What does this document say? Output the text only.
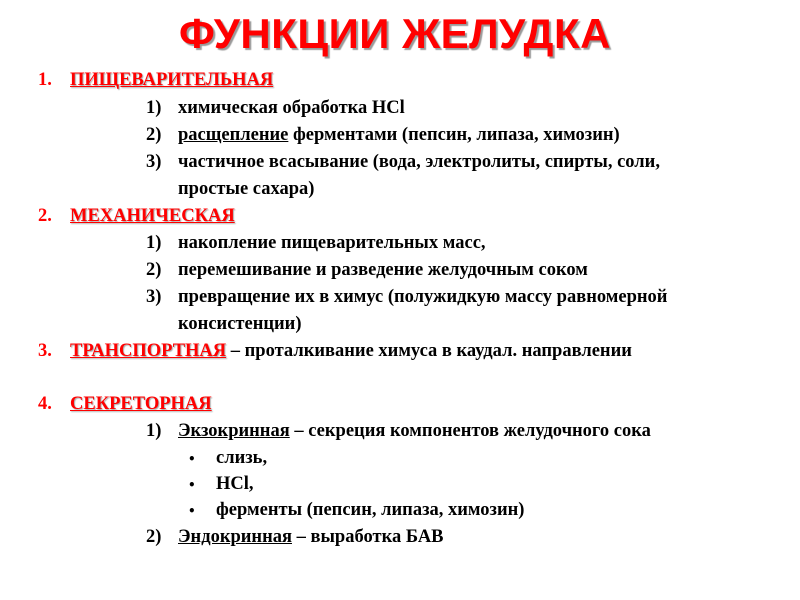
ФУНКЦИИ ЖЕЛУДКА
1. ПИЩЕВАРИТЕЛЬНАЯ
1) химическая обработка HCl
2) расщепление ферментами (пепсин, липаза, химозин)
3) частичное всасывание (вода, электролиты, спирты, соли,
простые сахара)
2. МЕХАНИЧЕСКАЯ
1) накопление пищеварительных масс,
2) перемешивание и разведение желудочным соком
3) превращение их в химус (полужидкую массу равномерной
консистенции)
3. ТРАНСПОРТНАЯ – проталкивание химуса в каудал. направлении
4. СЕКРЕТОРНАЯ
1) Экзокринная – секреция компонентов желудочного сока
• слизь,
• HCl,
• ферменты (пепсин, липаза, химозин)
2) Эндокринная – выработка БАВ
